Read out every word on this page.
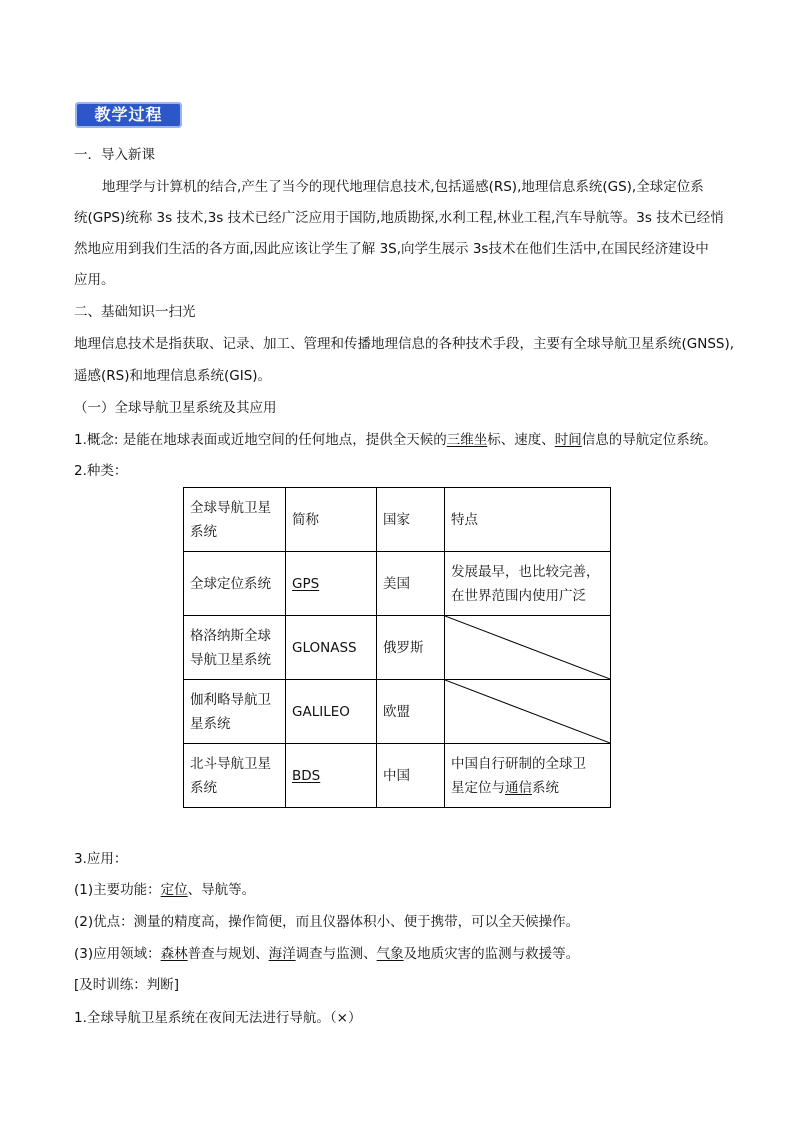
教学过程
一．导入新课
地理学与计算机的结合,产生了当今的现代地理信息技术,包括遥感(RS),地理信息系统(GS),全球定位系
统(GPS)统称 3s 技术,3s 技术已经广泛应用于国防,地质勘探,水利工程,林业工程,汽车导航等。3s 技术已经悄
然地应用到我们生活的各方面,因此应该让学生了解 3S,向学生展示 3s技术在他们生活中,在国民经济建设中
应用。
二、基础知识一扫光
地理信息技术是指获取、记录、加工、管理和传播地理信息的各种技术手段，主要有全球导航卫星系统(GNSS),
遥感(RS)和地理信息系统(GIS)。
（一）全球导航卫星系统及其应用
1.概念: 是能在地球表面或近地空间的任何地点，提供全天候的三维坐标、速度、时间信息的导航定位系统。
2.种类：
全球导航卫星系统	简称	国家	特点
全球定位系统	GPS	美国	发展最早，也比较完善，
在世界范围内使用广泛

格洛纳斯全球导航卫星系统	GLONASS	俄罗斯	

伽利略导航卫星系统	GALILEO	欧盟	

北斗导航卫星系统	BDS	中国	中国自行研制的全球卫
星定位与通信系统
3.应用：
(1)主要功能：定位、导航等。
(2)优点：测量的精度高，操作简便，而且仪器体积小、便于携带，可以全天候操作。
(3)应用领域：森林普查与规划、海洋调查与监测、气象及地质灾害的监测与救援等。
[及时训练：判断]
1.全球导航卫星系统在夜间无法进行导航。（×）
